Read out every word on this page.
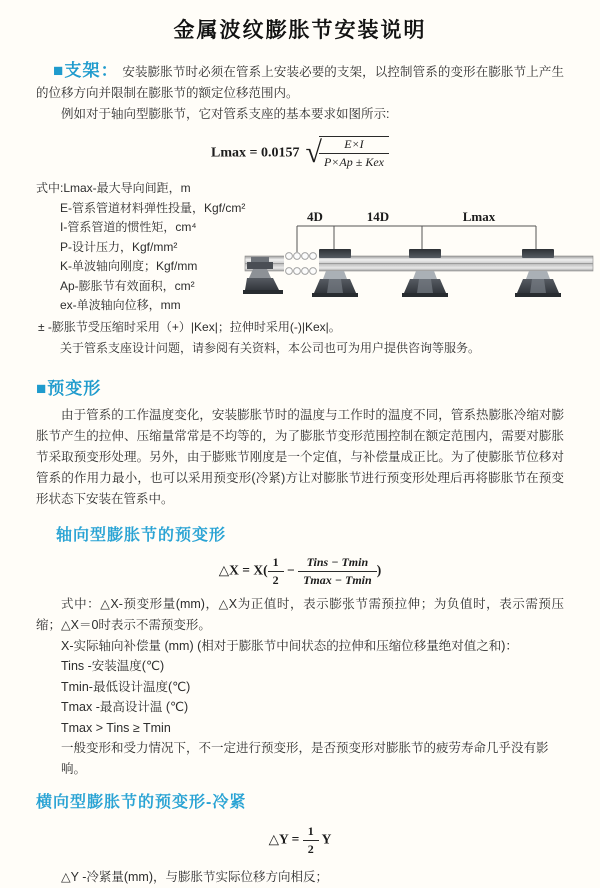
金属波纹膨胀节安装说明

■支架： 安装膨胀节时必须在管系上安装必要的支架，以控制管系的变形在膨胀节上产生的位移方向并限制在膨胀节的额定位移范围内。

例如对于轴向型膨胀节，它对管系支座的基本要求如图所示:

Lmax = 0.0157 √
$\frac{E\times I}{\text{P×Ap ± Kex}}$
式中:Lmax-最大导向间距，m
E-管系管道材料弹性投量，Kgf/cm²
I-管系管道的惯性矩，cm⁴
P-设计压力，Kgf/mm²
K-单波轴向刚度；Kgf/mm
Ap-膨胀节有效面积，cm²
ex-单波轴向位移，mm
4D	14D	Lmax

± -膨胀节受压缩时采用（+）|Kex|；拉伸时采用(-)|Kex|。

关于管系支座设计问题，请参阅有关资料，本公司也可为用户提供咨询等服务。

■预变形

由于管系的工作温度变化，安装膨胀节时的温度与工作时的温度不同，管系热膨胀冷缩对膨胀节产生的拉伸、压缩量常常是不均等的，为了膨胀节变形范围控制在额定范围内，需要对膨胀节采取预变形处理。另外，由于膨账节刚度是一个定值，与补偿量成正比。为了使膨胀节位移对管系的作用力最小，也可以采用预变形(冷紧)方让对膨胀节进行预变形处理后再将膨胀节在预变形状态下安装在管系中。

轴向型膨胀节的预变形
△X = $X( \frac{1}{2} - \frac{\text{Tins − Tmin}}{Tmax - Tmin}$ )

式中：△X-预变形量(mm)，△X为正值时，表示膨张节需预拉伸；为负值时，表示需预压缩；△X＝0时表示不需预变形。

X-实际轴向补偿量 (mm) (相对于膨胀节中间状态的拉伸和压缩位移量绝对值之和)：
Tins -安装温度(℃)
Tmin-最低设计温度(℃)
Tmax -最高设计温 (℃)
Tmax > Tins ≥ Tmin
一般变形和受力情况下，不一定进行预变形，是否预变形对膨胀节的疲劳寿命几乎没有影响。
横向型膨胀节的预变形-冷紧
△Y = $\frac{1}{2}$ Y
△Y -冷紧量(mm)，与膨胀节实际位移方向相反；
